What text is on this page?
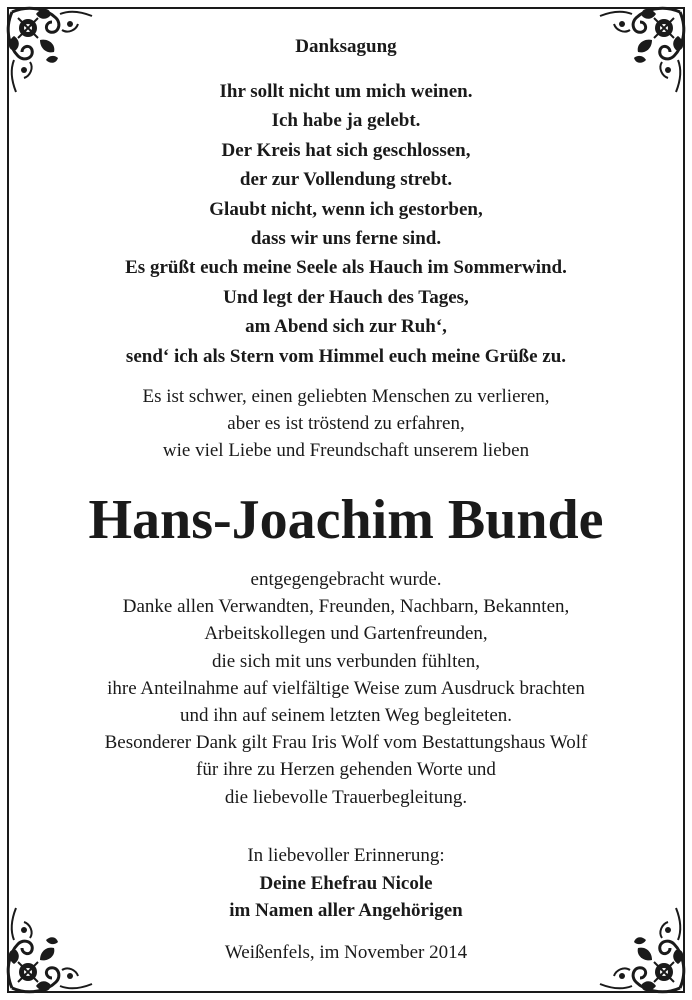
Danksagung
Ihr sollt nicht um mich weinen.
Ich habe ja gelebt.
Der Kreis hat sich geschlossen,
der zur Vollendung strebt.
Glaubt nicht, wenn ich gestorben,
dass wir uns ferne sind.
Es grüßt euch meine Seele als Hauch im Sommerwind.
Und legt der Hauch des Tages,
am Abend sich zur Ruh‘,
send‘ ich als Stern vom Himmel euch meine Grüße zu.
Es ist schwer, einen geliebten Menschen zu verlieren,
aber es ist tröstend zu erfahren,
wie viel Liebe und Freundschaft unserem lieben
Hans-Joachim Bunde
entgegengebracht wurde.
Danke allen Verwandten, Freunden, Nachbarn, Bekannten,
Arbeitskollegen und Gartenfreunden,
die sich mit uns verbunden fühlten,
ihre Anteilnahme auf vielfältige Weise zum Ausdruck brachten
und ihn auf seinem letzten Weg begleiteten.
Besonderer Dank gilt Frau Iris Wolf vom Bestattungshaus Wolf
für ihre zu Herzen gehenden Worte und
die liebevolle Trauerbegleitung.
In liebevoller Erinnerung:
Deine Ehefrau Nicole
im Namen aller Angehörigen
Weißenfels, im November 2014
